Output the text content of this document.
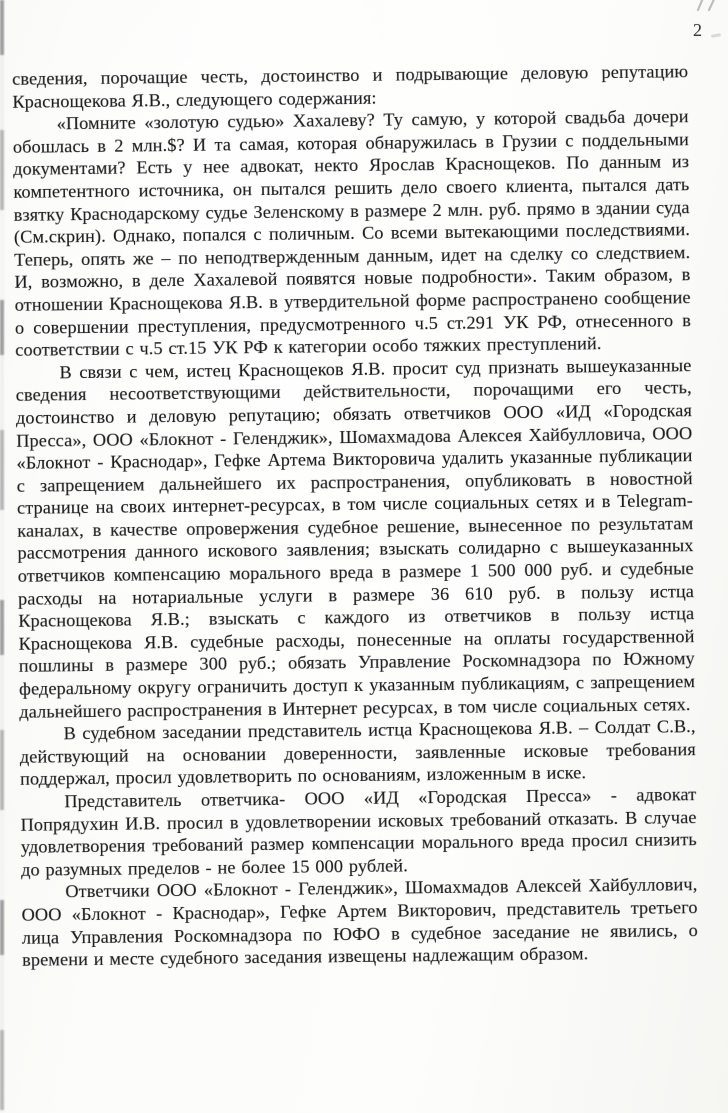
2

сведения, порочащие честь, достоинство и подрывающие деловую репутацию Краснощекова Я.В., следующего содержания:

«Помните «золотую судью» Хахалеву? Ту самую, у которой свадьба дочери обошлась в 2 млн.$? И та самая, которая обнаружилась в Грузии с поддельными документами? Есть у нее адвокат, некто Ярослав Краснощеков. По данным из компетентного источника, он пытался решить дело своего клиента, пытался дать взятку Краснодарскому судье Зеленскому в размере 2 млн. руб. прямо в здании суда (См.скрин). Однако, попался с поличным. Со всеми вытекающими последствиями. Теперь, опять же – по неподтвержденным данным, идет на сделку со следствием. И, возможно, в деле Хахалевой появятся новые подробности». Таким образом, в отношении Краснощекова Я.В. в утвердительной форме распространено сообщение о совершении преступления, предусмотренного ч.5 ст.291 УК РФ, отнесенного в соответствии с ч.5 ст.15 УК РФ к категории особо тяжких преступлений.

В связи с чем, истец Краснощеков Я.В. просит суд признать вышеуказанные сведения несоответствующими действительности, порочащими его честь, достоинство и деловую репутацию; обязать ответчиков ООО «ИД «Городская Пресса», ООО «Блокнот - Геленджик», Шомахмадова Алексея Хайбулловича, ООО «Блокнот - Краснодар», Гефке Артема Викторовича удалить указанные публикации с запрещением дальнейшего их распространения, опубликовать в новостной странице на своих интернет-ресурсах, в том числе социальных сетях и в Telegram-каналах, в качестве опровержения судебное решение, вынесенное по результатам рассмотрения данного искового заявления; взыскать солидарно с вышеуказанных ответчиков компенсацию морального вреда в размере 1 500 000 руб. и судебные расходы на нотариальные услуги в размере 36 610 руб. в пользу истца Краснощекова Я.В.; взыскать с каждого из ответчиков в пользу истца Краснощекова Я.В. судебные расходы, понесенные на оплаты государственной пошлины в размере 300 руб.; обязать Управление Роскомнадзора по Южному федеральному округу ограничить доступ к указанным публикациям, с запрещением дальнейшего распространения в Интернет ресурсах, в том числе социальных сетях.

В судебном заседании представитель истца Краснощекова Я.В. – Солдат С.В., действующий на основании доверенности, заявленные исковые требования поддержал, просил удовлетворить по основаниям, изложенным в иске.

Представитель ответчика- ООО «ИД «Городская Пресса» - адвокат Попрядухин И.В. просил в удовлетворении исковых требований отказать. В случае удовлетворения требований размер компенсации морального вреда просил снизить до разумных пределов - не более 15 000 рублей.

Ответчики ООО «Блокнот - Геленджик», Шомахмадов Алексей Хайбуллович, ООО «Блокнот - Краснодар», Гефке Артем Викторович, представитель третьего лица Управления Роскомнадзора по ЮФО в судебное заседание не явились, о времени и месте судебного заседания извещены надлежащим образом.
